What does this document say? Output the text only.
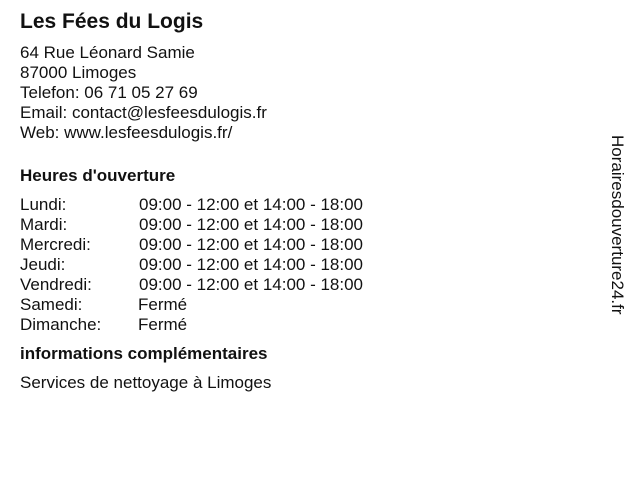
Les Fées du Logis
64 Rue Léonard Samie
87000 Limoges
Telefon: 06 71 05 27 69
Email: contact@lesfeesdulogis.fr
Web: www.lesfeesdulogis.fr/
Heures d'ouverture
Lundi:	09:00 - 12:00 et 14:00 - 18:00
Mardi:	09:00 - 12:00 et 14:00 - 18:00
Mercredi:	09:00 - 12:00 et 14:00 - 18:00
Jeudi:	09:00 - 12:00 et 14:00 - 18:00
Vendredi:	09:00 - 12:00 et 14:00 - 18:00
Samedi:	Fermé
Dimanche:	Fermé
informations complémentaires
Services de nettoyage à Limoges
Horairesdouverture24.fr
